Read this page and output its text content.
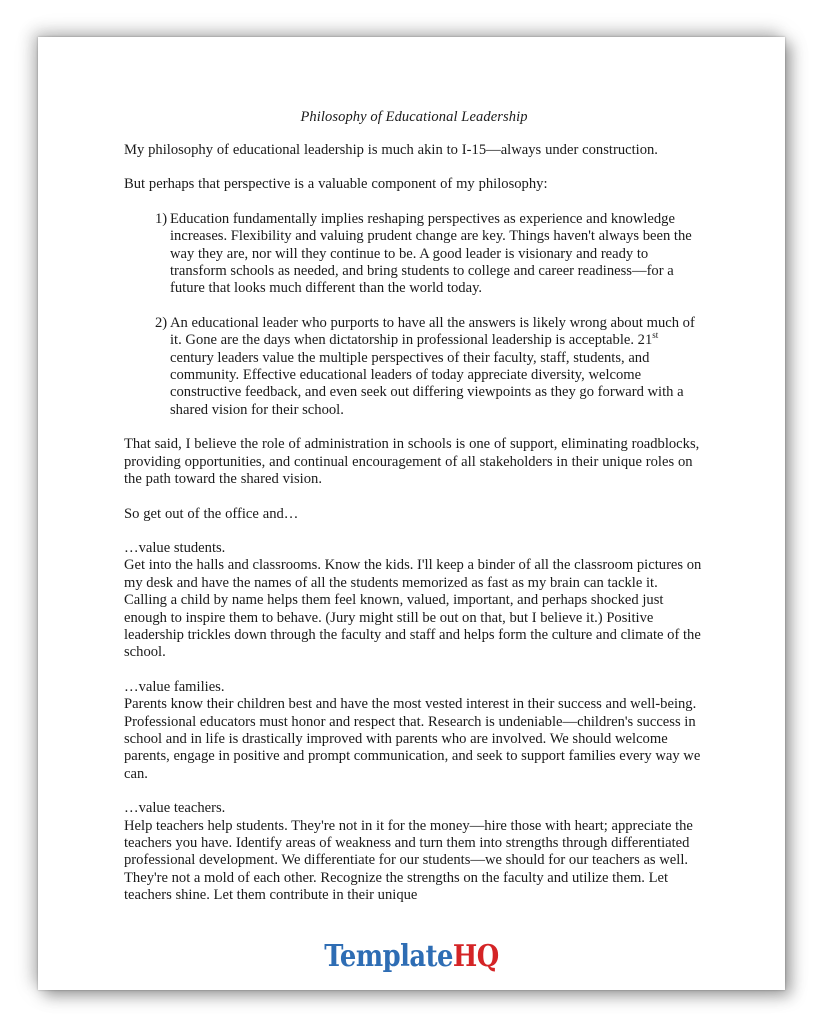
Philosophy of Educational Leadership

My philosophy of educational leadership is much akin to I-15—always under construction.

But perhaps that perspective is a valuable component of my philosophy:

1) Education fundamentally implies reshaping perspectives as experience and knowledge increases. Flexibility and valuing prudent change are key. Things haven't always been the way they are, nor will they continue to be. A good leader is visionary and ready to transform schools as needed, and bring students to college and career readiness—for a future that looks much different than the world today.
2) An educational leader who purports to have all the answers is likely wrong about much of it. Gone are the days when dictatorship in professional leadership is acceptable. 21st century leaders value the multiple perspectives of their faculty, staff, students, and community. Effective educational leaders of today appreciate diversity, welcome constructive feedback, and even seek out differing viewpoints as they go forward with a shared vision for their school.

That said, I believe the role of administration in schools is one of support, eliminating roadblocks, providing opportunities, and continual encouragement of all stakeholders in their unique roles on the path toward the shared vision.

So get out of the office and…

…value students.

Get into the halls and classrooms. Know the kids. I'll keep a binder of all the classroom pictures on my desk and have the names of all the students memorized as fast as my brain can tackle it. Calling a child by name helps them feel known, valued, important, and perhaps shocked just enough to inspire them to behave. (Jury might still be out on that, but I believe it.) Positive leadership trickles down through the faculty and staff and helps form the culture and climate of the school.

…value families.

Parents know their children best and have the most vested interest in their success and well-being. Professional educators must honor and respect that. Research is undeniable—children's success in school and in life is drastically improved with parents who are involved. We should welcome parents, engage in positive and prompt communication, and seek to support families every way we can.

…value teachers.

Help teachers help students. They're not in it for the money—hire those with heart; appreciate the teachers you have. Identify areas of weakness and turn them into strengths through differentiated professional development. We differentiate for our students—we should for our teachers as well. They're not a mold of each other. Recognize the strengths on the faculty and utilize them. Let teachers shine. Let them contribute in their unique

TemplateHQ
